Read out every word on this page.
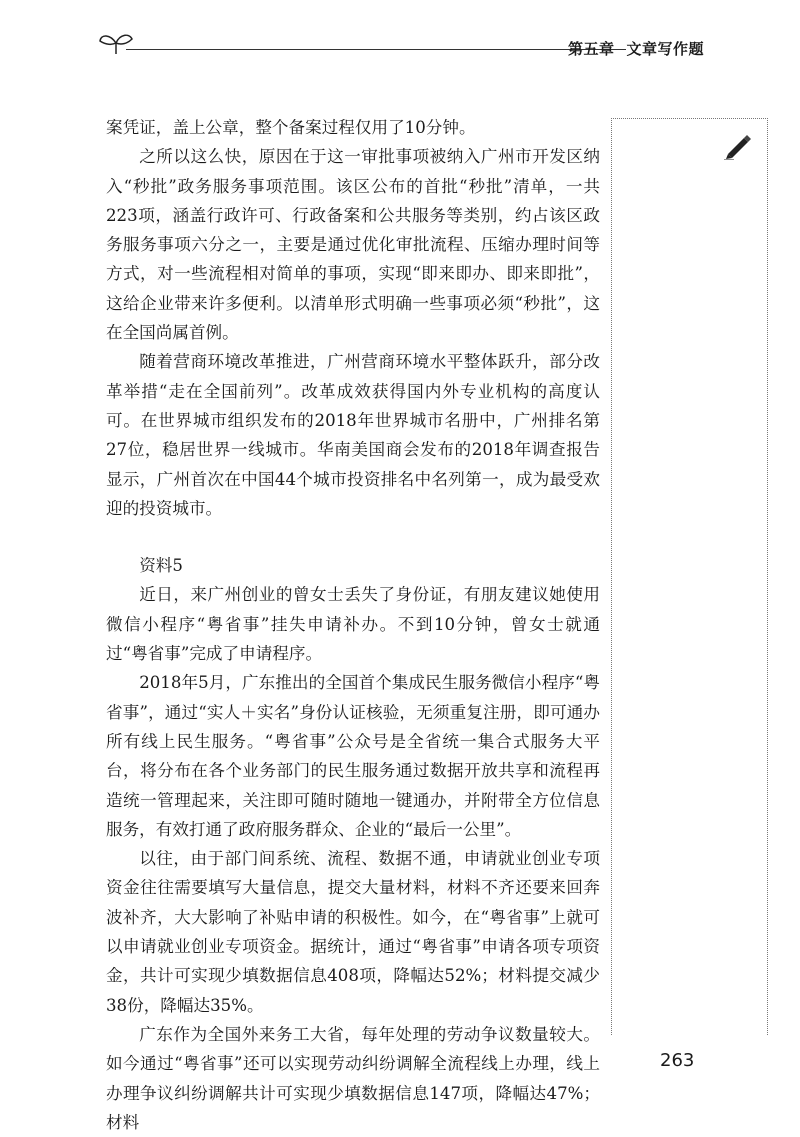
第五章 文章写作题

案凭证，盖上公章，整个备案过程仅用了10分钟。

之所以这么快，原因在于这一审批事项被纳入广州市开发区纳入“秒批”政务服务事项范围。该区公布的首批“秒批”清单，一共223项，涵盖行政许可、行政备案和公共服务等类别，约占该区政务服务事项六分之一，主要是通过优化审批流程、压缩办理时间等方式，对一些流程相对简单的事项，实现“即来即办、即来即批”，这给企业带来许多便利。以清单形式明确一些事项必须“秒批”，这在全国尚属首例。

随着营商环境改革推进，广州营商环境水平整体跃升，部分改革举措“走在全国前列”。改革成效获得国内外专业机构的高度认可。在世界城市组织发布的2018年世界城市名册中，广州排名第27位，稳居世界一线城市。华南美国商会发布的2018年调查报告显示，广州首次在中国44个城市投资排名中名列第一，成为最受欢迎的投资城市。

资料5

近日，来广州创业的曾女士丢失了身份证，有朋友建议她使用微信小程序“粤省事”挂失申请补办。不到10分钟，曾女士就通过“粤省事”完成了申请程序。

2018年5月，广东推出的全国首个集成民生服务微信小程序“粤省事”，通过“实人＋实名”身份认证核验，无须重复注册，即可通办所有线上民生服务。“粤省事”公众号是全省统一集合式服务大平台，将分布在各个业务部门的民生服务通过数据开放共享和流程再造统一管理起来，关注即可随时随地一键通办，并附带全方位信息服务，有效打通了政府服务群众、企业的“最后一公里”。

以往，由于部门间系统、流程、数据不通，申请就业创业专项资金往往需要填写大量信息，提交大量材料，材料不齐还要来回奔波补齐，大大影响了补贴申请的积极性。如今，在“粤省事”上就可以申请就业创业专项资金。据统计，通过“粤省事”申请各项专项资金，共计可实现少填数据信息408项，降幅达52%；材料提交减少38份，降幅达35%。

广东作为全国外来务工大省，每年处理的劳动争议数量较大。如今通过“粤省事”还可以实现劳动纠纷调解全流程线上办理，线上办理争议纠纷调解共计可实现少填数据信息147项，降幅达47%；材料

263
